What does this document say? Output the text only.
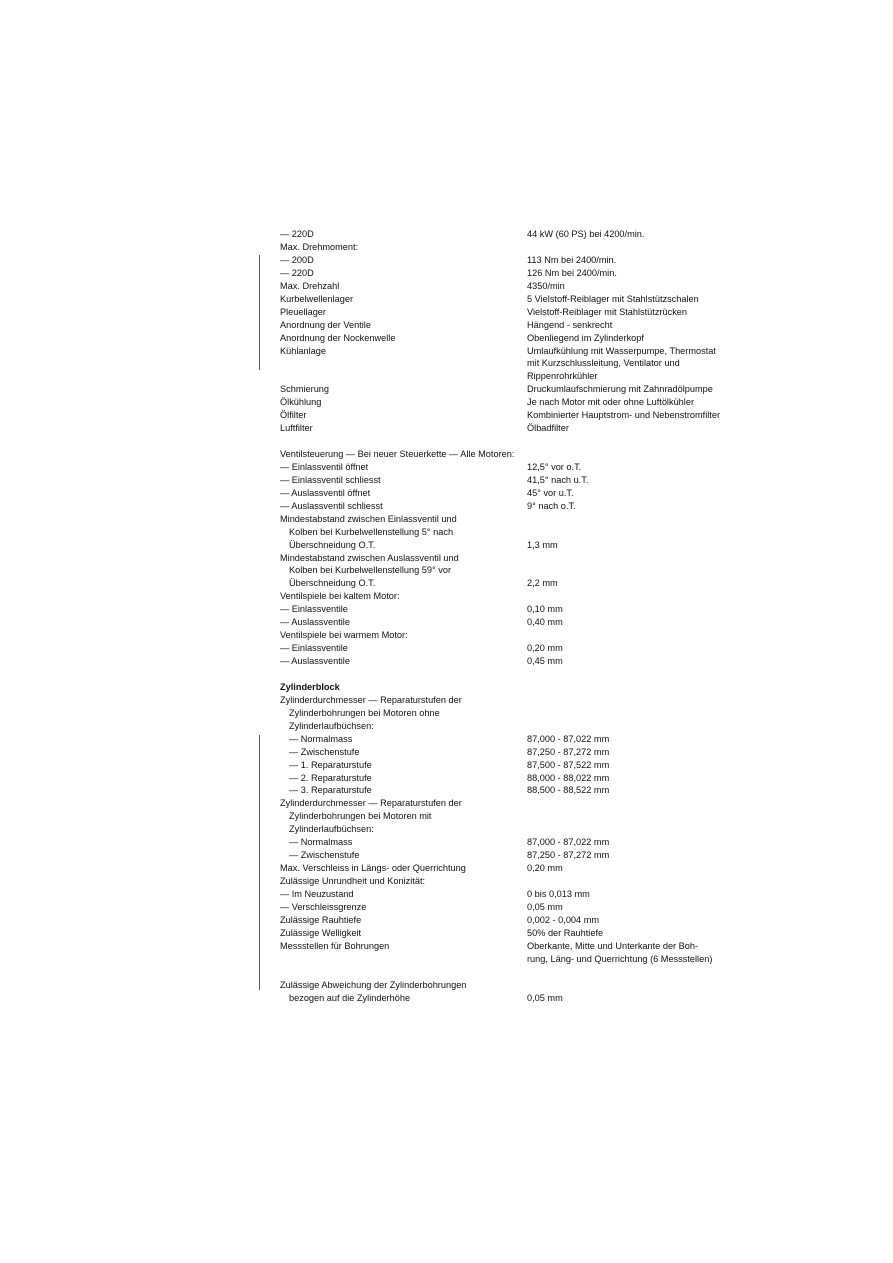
— 220D	44 kW (60 PS) bei 4200/min.
Max. Drehmoment:
— 200D	113 Nm bei 2400/min.
— 220D	126 Nm bei 2400/min.
Max. Drehzahl	4350/min
Kurbelwellenlager	5 Vielstoff-Reiblager mit Stahlstützschalen
Pleuellager	Vielstoff-Reiblager mit Stahlstützrücken
Anordnung der Ventile	Hängend - senkrecht
Anordnung der Nockenwelle	Obenliegend im Zylinderkopf
Kühlanlage	Umlaufkühlung mit Wasserpumpe, Thermostat
mit Kurzschlussleitung, Ventilator und
Rippenrohrkühler
Schmierung	Druckumlaufschmierung mit Zahnradölpumpe
Ölkühlung	Je nach Motor mit oder ohne Luftölkühler
Ölfilter	Kombinierter Hauptstrom- und Nebenstromfilter
Luftfilter	Ölbadfilter
Ventilsteuerung — Bei neuer Steuerkette — Alle Motoren:
— Einlassventil öffnet	12,5° vor o.T.
— Einlassventil schliesst	41,5° nach u.T.
— Auslassventil öffnet	45° vor u.T.
— Auslassventil schliesst	9° nach o.T.
Mindestabstand zwischen Einlassventil und
Kolben bei Kurbelwellenstellung 5° nach
Überschneidung O.T.	1,3 mm
Mindestabstand zwischen Auslassventil und
Kolben bei Kurbelwellenstellung 59° vor
Überschneidung O.T.	2,2 mm
Ventilspiele bei kaltem Motor:
— Einlassventile	0,10 mm
— Auslassventile	0,40 mm
Ventilspiele bei warmem Motor:
— Einlassventile	0,20 mm
— Auslassventile	0,45 mm
Zylinderblock
Zylinderdurchmesser — Reparaturstufen der
Zylinderbohrungen bei Motoren ohne
Zylinderlaufbüchsen:
— Normalmass	87,000 - 87,022 mm
— Zwischenstufe	87,250 - 87,272 mm
— 1. Reparaturstufe	87,500 - 87,522 mm
— 2. Reparaturstufe	88,000 - 88,022 mm
— 3. Reparaturstufe	88,500 - 88,522 mm
Zylinderdurchmesser — Reparaturstufen der
Zylinderbohrungen bei Motoren mit
Zylinderlaufbüchsen:
— Normalmass	87,000 - 87,022 mm
— Zwischenstufe	87,250 - 87,272 mm
Max. Verschleiss in Längs- oder Querrichtung	0,20 mm
Zulässige Unrundheit und Konizität:
— Im Neuzustand	0 bis 0,013 mm
— Verschleissgrenze	0,05 mm
Zulässige Rauhtiefe	0,002 - 0,004 mm
Zulässige Welligkeit	50% der Rauhtiefe
Messstellen für Bohrungen	Oberkante, Mitte und Unterkante der Boh-
rung, Läng- und Querrichtung (6 Messstellen)
Zulässige Abweichung der Zylinderbohrungen
bezogen auf die Zylinderhöhe	0,05 mm
